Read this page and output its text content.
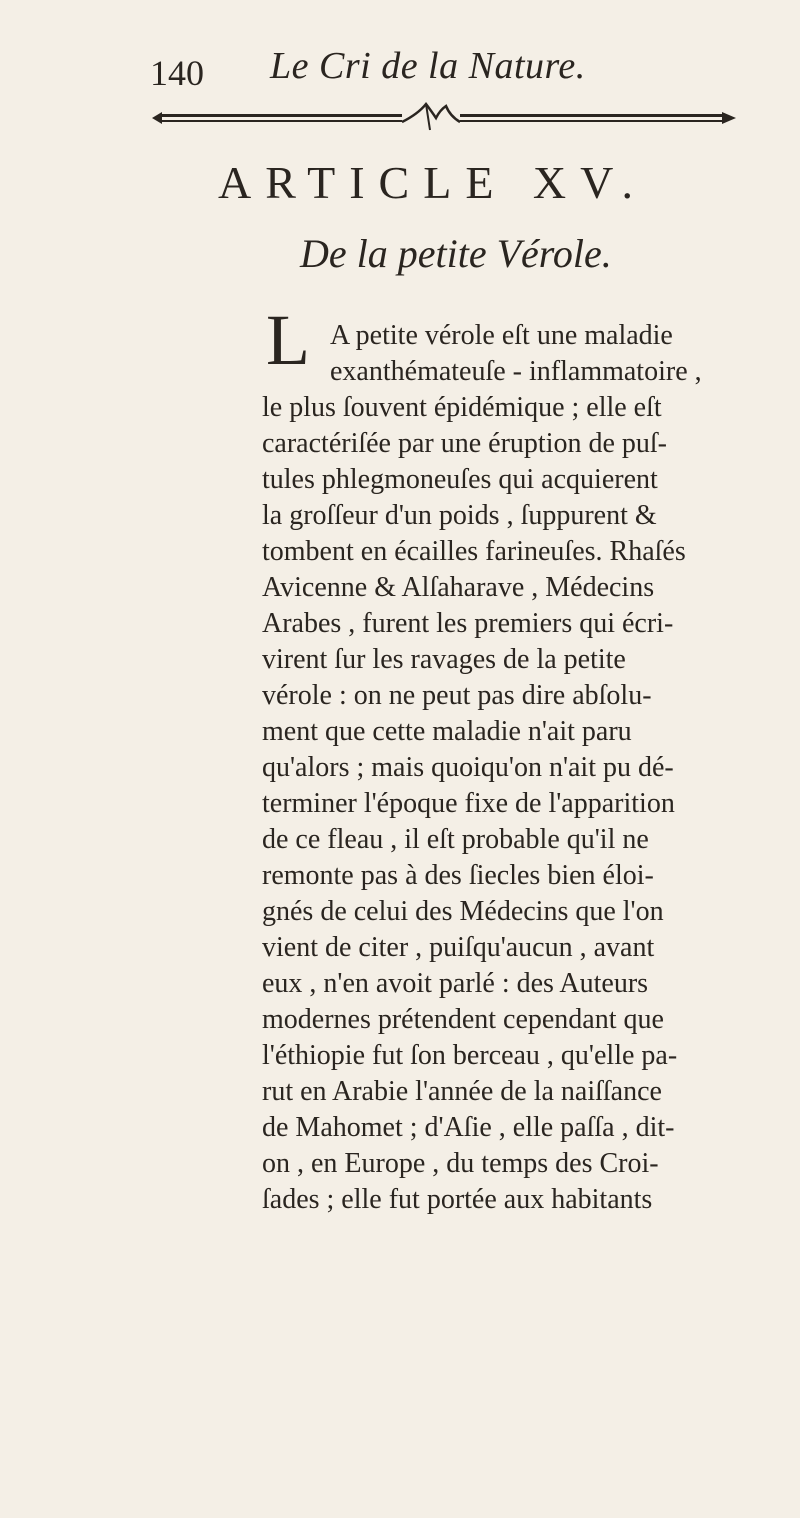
140 Le Cri de la Nature.
ARTICLE XV.
De la petite Vérole.
L A petite vérole eſt une maladie
exanthémateuſe - inflammatoire ,
le plus ſouvent épidémique ; elle eſt
caractériſée par une éruption de puſ-
tules phlegmoneuſes qui acquierent
la groſſeur d'un poids , ſuppurent &
tombent en écailles farineuſes. Rhaſés
Avicenne & Alſaharave , Médecins
Arabes , furent les premiers qui écri-
virent ſur les ravages de la petite
vérole : on ne peut pas dire abſolu-
ment que cette maladie n'ait paru
qu'alors ; mais quoiqu'on n'ait pu dé-
terminer l'époque fixe de l'apparition
de ce fleau , il eſt probable qu'il ne
remonte pas à des ſiecles bien éloi-
gnés de celui des Médecins que l'on
vient de citer , puiſqu'aucun , avant
eux , n'en avoit parlé : des Auteurs
modernes prétendent cependant que
l'éthiopie fut ſon berceau , qu'elle pa-
rut en Arabie l'année de la naiſſance
de Mahomet ; d'Aſie , elle paſſa , dit-
on , en Europe , du temps des Croi-
ſades ; elle fut portée aux habitants
